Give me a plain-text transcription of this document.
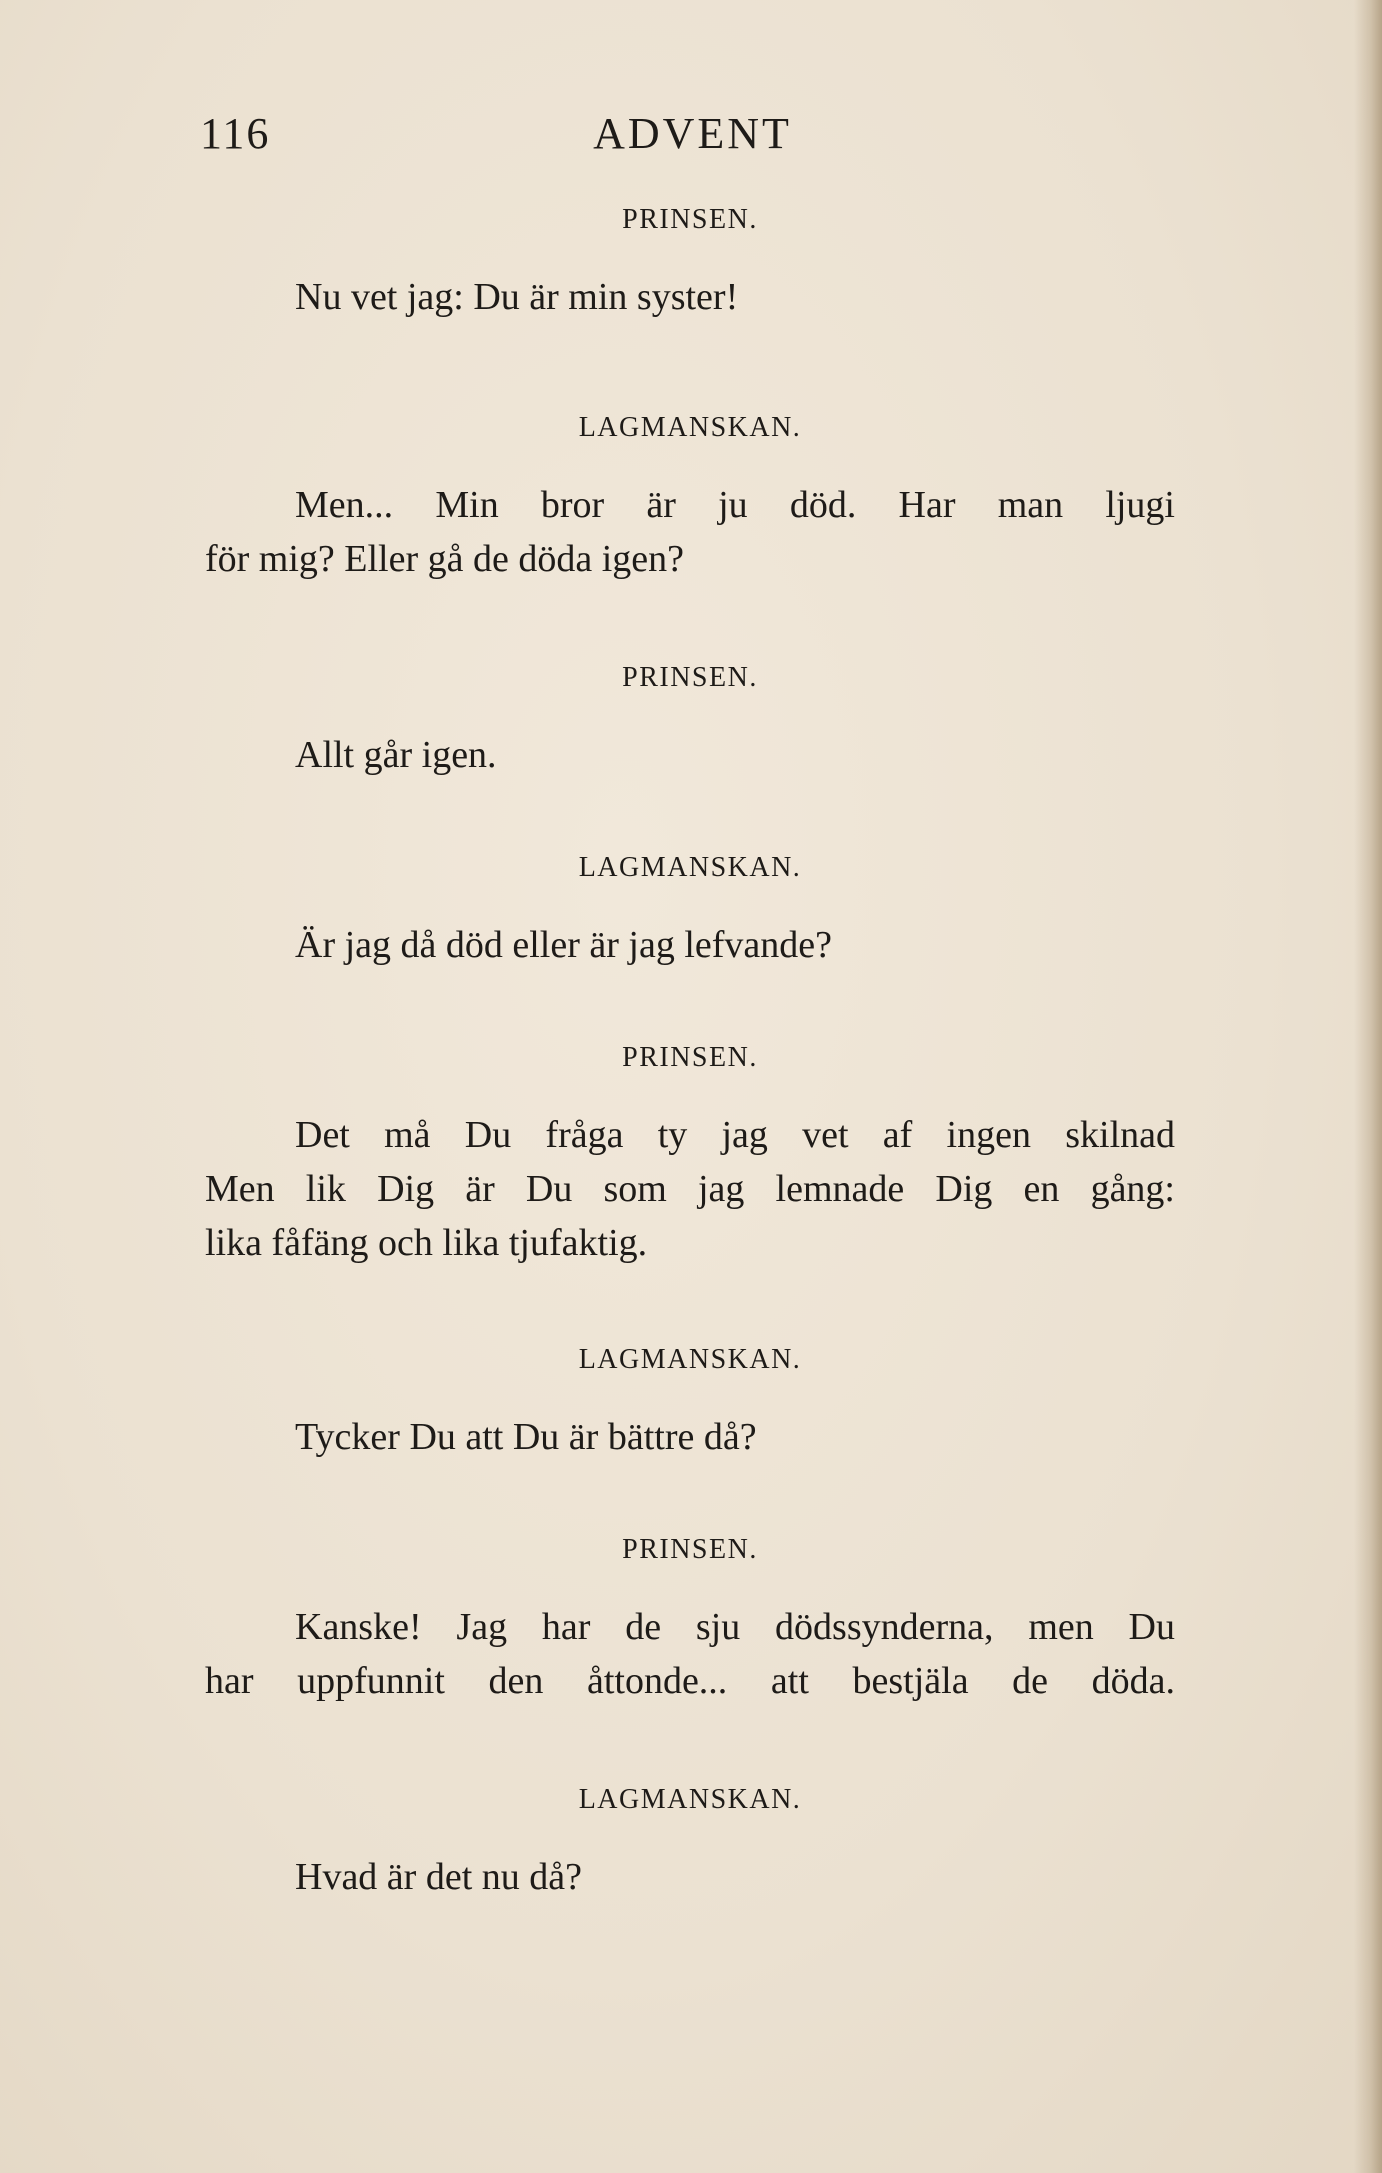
116	ADVENT

PRINSEN.

Nu vet jag: Du är min syster!

LAGMANSKAN.

Men... Min bror är ju död. Har man ljugi
för mig? Eller gå de döda igen?

PRINSEN.

Allt går igen.

LAGMANSKAN.

Är jag då död eller är jag lefvande?

PRINSEN.

Det må Du fråga ty jag vet af ingen skilnad
Men lik Dig är Du som jag lemnade Dig en gång:
lika fåfäng och lika tjufaktig.

LAGMANSKAN.

Tycker Du att Du är bättre då?

PRINSEN.

Kanske! Jag har de sju dödssynderna, men Du
har uppfunnit den åttonde... att bestjäla de döda.

LAGMANSKAN.

Hvad är det nu då?
